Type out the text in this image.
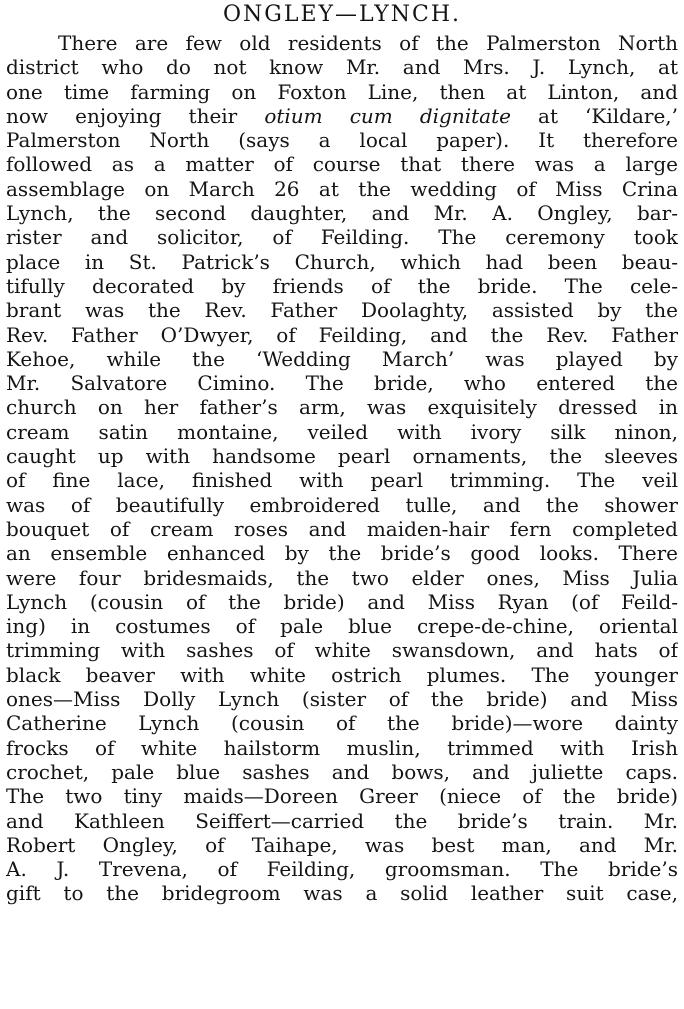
ONGLEY—LYNCH.
There are few old residents of the Palmerston North
district who do not know Mr. and Mrs. J. Lynch, at
one time farming on Foxton Line, then at Linton, and
now enjoying their otium cum dignitate at ‘Kildare,’
Palmerston North (says a local paper). It therefore
followed as a matter of course that there was a large
assemblage on March 26 at the wedding of Miss Crina
Lynch, the second daughter, and Mr. A. Ongley, bar-
rister and solicitor, of Feilding. The ceremony took
place in St. Patrick’s Church, which had been beau-
tifully decorated by friends of the bride. The cele-
brant was the Rev. Father Doolaghty, assisted by the
Rev. Father O’Dwyer, of Feilding, and the Rev. Father
Kehoe, while the ‘Wedding March’ was played by
Mr. Salvatore Cimino. The bride, who entered the
church on her father’s arm, was exquisitely dressed in
cream satin montaine, veiled with ivory silk ninon,
caught up with handsome pearl ornaments, the sleeves
of fine lace, finished with pearl trimming. The veil
was of beautifully embroidered tulle, and the shower
bouquet of cream roses and maiden-hair fern completed
an ensemble enhanced by the bride’s good looks. There
were four bridesmaids, the two elder ones, Miss Julia
Lynch (cousin of the bride) and Miss Ryan (of Feild-
ing) in costumes of pale blue crepe-de-chine, oriental
trimming with sashes of white swansdown, and hats of
black beaver with white ostrich plumes. The younger
ones—Miss Dolly Lynch (sister of the bride) and Miss
Catherine Lynch (cousin of the bride)—wore dainty
frocks of white hailstorm muslin, trimmed with Irish
crochet, pale blue sashes and bows, and juliette caps.
The two tiny maids—Doreen Greer (niece of the bride)
and Kathleen Seiffert—carried the bride’s train. Mr.
Robert Ongley, of Taihape, was best man, and Mr.
A. J. Trevena, of Feilding, groomsman. The bride’s
gift to the bridegroom was a solid leather suit case,
